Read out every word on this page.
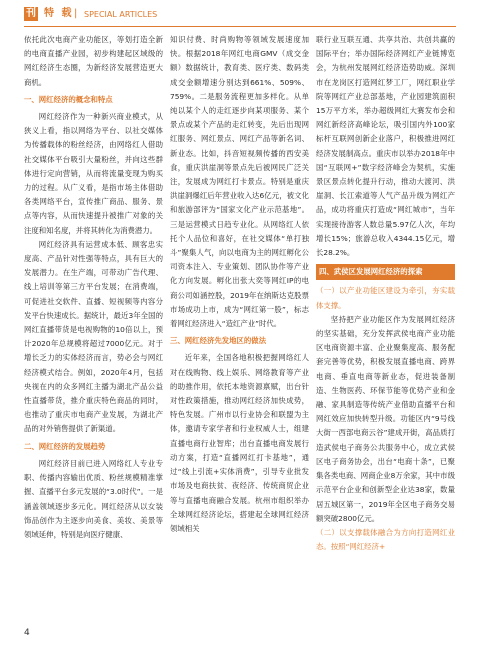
刊 特 载 | SPECIAL ARTICLES

依托此次电商产业功能区，等划打造全新的电商直播产业园，初步构建起区域级的网红经济生态圈，为新经济发展营造更大商机。

一、网红经济的概念和特点

网红经济作为一种新兴商业模式，从狭义上看，指以网络为平台、以社交媒体为传播载体的粉丝经济，由网络红人借助社交媒体平台吸引大量粉丝，并向这些群体进行定向营销，从而将流量变现为购买力的过程。从广义看，是指市场主体借助各类网络平台，宣传推广商品、服务、景点等内容，从而快速提升被推广对象的关注度和知名度，并将其转化为消费潜力。

网红经济具有运营成本低、顾客忠实度高、产品针对性强等特点，具有巨大的发展潜力。在生产端，可带动广告代理、线上培训等第三方平台发展；在消费端，可促进社交软件、直播、短视频等内容分发平台快速成长。据统计，最近3年全国的网红直播带货是电视购物的10倍以上，预计2020年总规模将超过7000亿元。对于增长乏力的实体经济而言，势必会与网红经济模式结合。例如，2020年4月，包括央视在内的众多网红主播为湖北产品公益性直播带货，推介重庆特色商品的同时，也推动了重庆市电商产业发展，为湖北产品的对外销售提供了新渠道。

二、网红经济的发展趋势

网红经济目前已进入网络红人专业专职、传播内容输出优质、粉丝规模精准掌握、直播平台多元发展的“3.0时代”。一是涵盖领域逐步多元化。网红经济从以女装饰品创作为主逐步向美食、美妆、美景等领域延伸，特别是向医疗健康、

知识付费、时尚购物等领域发展速度加快。根据2018年网红电商GMV（成交金额）数据统计，教育类、医疗类、数码类成交金额增速分别达到661%、509%、759%。二是服务流程更加多样化。从单纯以某个人的走红逐步向某项服务、某个景点或某个产品的走红转变，先后出现网红服务、网红景点、网红产品等新名词、新业态。比如，抖音短视频传播的西安美食，重庆洪崖洞等景点先后被网民广泛关注，发展成为网红打卡景点。特别是重庆洪崖洞爆红后年营业收入达6亿元，被文化和旅游部评为“国家文化产业示范基地”。三是运营模式日趋专业化。从网络红人依托个人品位和喜好，在社交媒体“单打独斗”聚集人气，向以电商为主的网红孵化公司资本注入、专业策划、团队协作等产业化方向发展。孵化出张大奕等网红IP的电商公司如涵控股，2019年在纳斯达克股票市场成功上市，成为“网红第一股”，标志着网红经济进入“造红产业”时代。

三、网红经济先发地区的做法

近年来，全国各地积极把握网络红人对在线购物、线上娱乐、网络教育等产业的助推作用，依托本地资源禀赋，出台针对性政策措施，推动网红经济加快成势，特色发展。广州市以行业协会和联盟为主体，邀请专家学者和行业权威人士，组建直播电商行业智库；出台直播电商发展行动方案，打造“直播网红打卡基地”，通过“线上引流+实体消费”，引导专业批发市场及电商扶贫、夜经济、传统商贸企业等与直播电商融合发展。杭州市组织举办全球网红经济论坛，搭建起全球网红经济领域相关

联行业互联互通、共享共治、共创共赢的国际平台；举办国际经济网红产业链博览会，为杭州发展网红经济造势助威。深圳市在龙岗区打造网红梦工厂，网红职业学院等网红产业总部基地，产业园建筑面积15万平方米，举办超级网红大赛发布会和网红新经济高峰论坛，吸引国内外100家标杆互联网创新企业落户，积极推进网红经济发展制高点。重庆市以举办2018年中国“互联网+”数字经济峰会为契机，实施景区景点转化提升行动，推动大渡河、洪崖洞、长江索道等人气产品升级为网红产品，成功将重庆打造成“网红城市”，当年实现接待游客人数总量5.97亿人次，年均增长15%；旅游总收入4344.15亿元，增长28.2%。

四、武侯区发展网红经济的探索

（一）以产业功能区建设为牵引，夯实载体支撑。

坚持把产业功能区作为发展网红经济的坚实基础，充分发挥武侯电商产业功能区电商资源丰富、企业聚集度高、服务配套完善等优势，积极发展直播电商、跨界电商、垂直电商等新业态，促进装备制造、生物医药、环保节能等优势产业和金融、家具制造等传统产业借助直播平台和网红效应加快转型升级。功能区内“9号线大街一西部电商云谷”建成开街，高品质打造武侯电子商务公共服务中心，成立武侯区电子商务协会，出台“电商十条”，已聚集各类电商、网商企业8万余家，其中市级示范平台企业和创新型企业达38家，数量居五城区第一，2019年全区电子商务交易额突破2800亿元。

（二）以支撑载体融合为方向打造网红业态。按照“网红经济+

4
